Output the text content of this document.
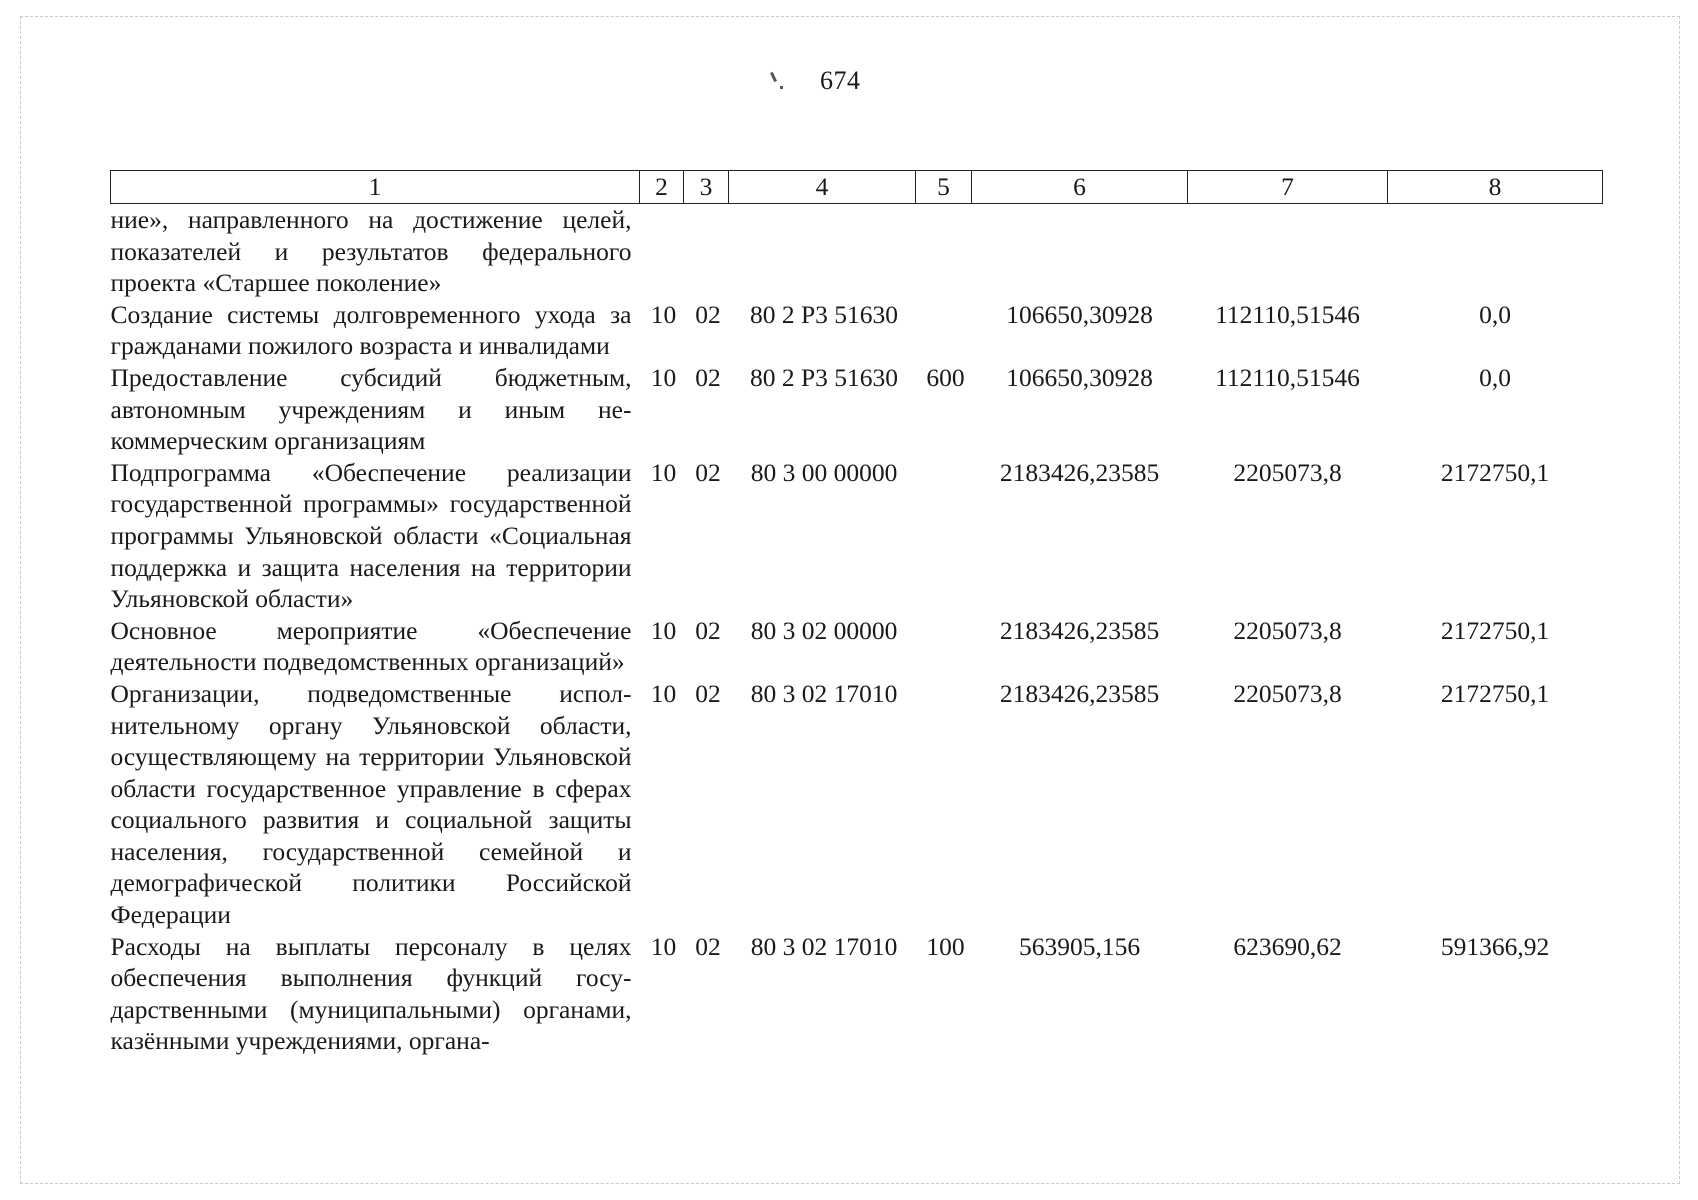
674
1	2	3	4	5	6	7	8
ние», направленного на достижение целей, показателей и результатов федерального проекта «Старшее поколение»							
Создание системы долговременного ухода за гражданами пожилого возраста и инвалидами	10	02	80 2 Р3 51630		106650,30928	112110,51546	0,0
Предоставление субсидий бюджетным, автономным учреждениям и иным некоммерческим организациям	10	02	80 2 Р3 51630	600	106650,30928	112110,51546	0,0
Подпрограмма «Обеспечение реализации государственной программы» государственной программы Ульяновской области «Социальная поддержка и защита населения на территории Ульяновской области»	10	02	80 3 00 00000		2183426,23585	2205073,8	2172750,1
Основное мероприятие «Обеспечение деятельности подведомственных организаций»	10	02	80 3 02 00000		2183426,23585	2205073,8	2172750,1
Организации, подведомственные исполнительному органу Ульяновской области, осуществляющему на территории Ульяновской области государственное управление в сферах социального развития и социальной защиты населения, государственной семейной и демографической политики Российской Федерации	10	02	80 3 02 17010		2183426,23585	2205073,8	2172750,1
Расходы на выплаты персоналу в целях обеспечения выполнения функций государственными (муниципальными) органами, казёнными учреждениями, органа-	10	02	80 3 02 17010	100	563905,156	623690,62	591366,92
